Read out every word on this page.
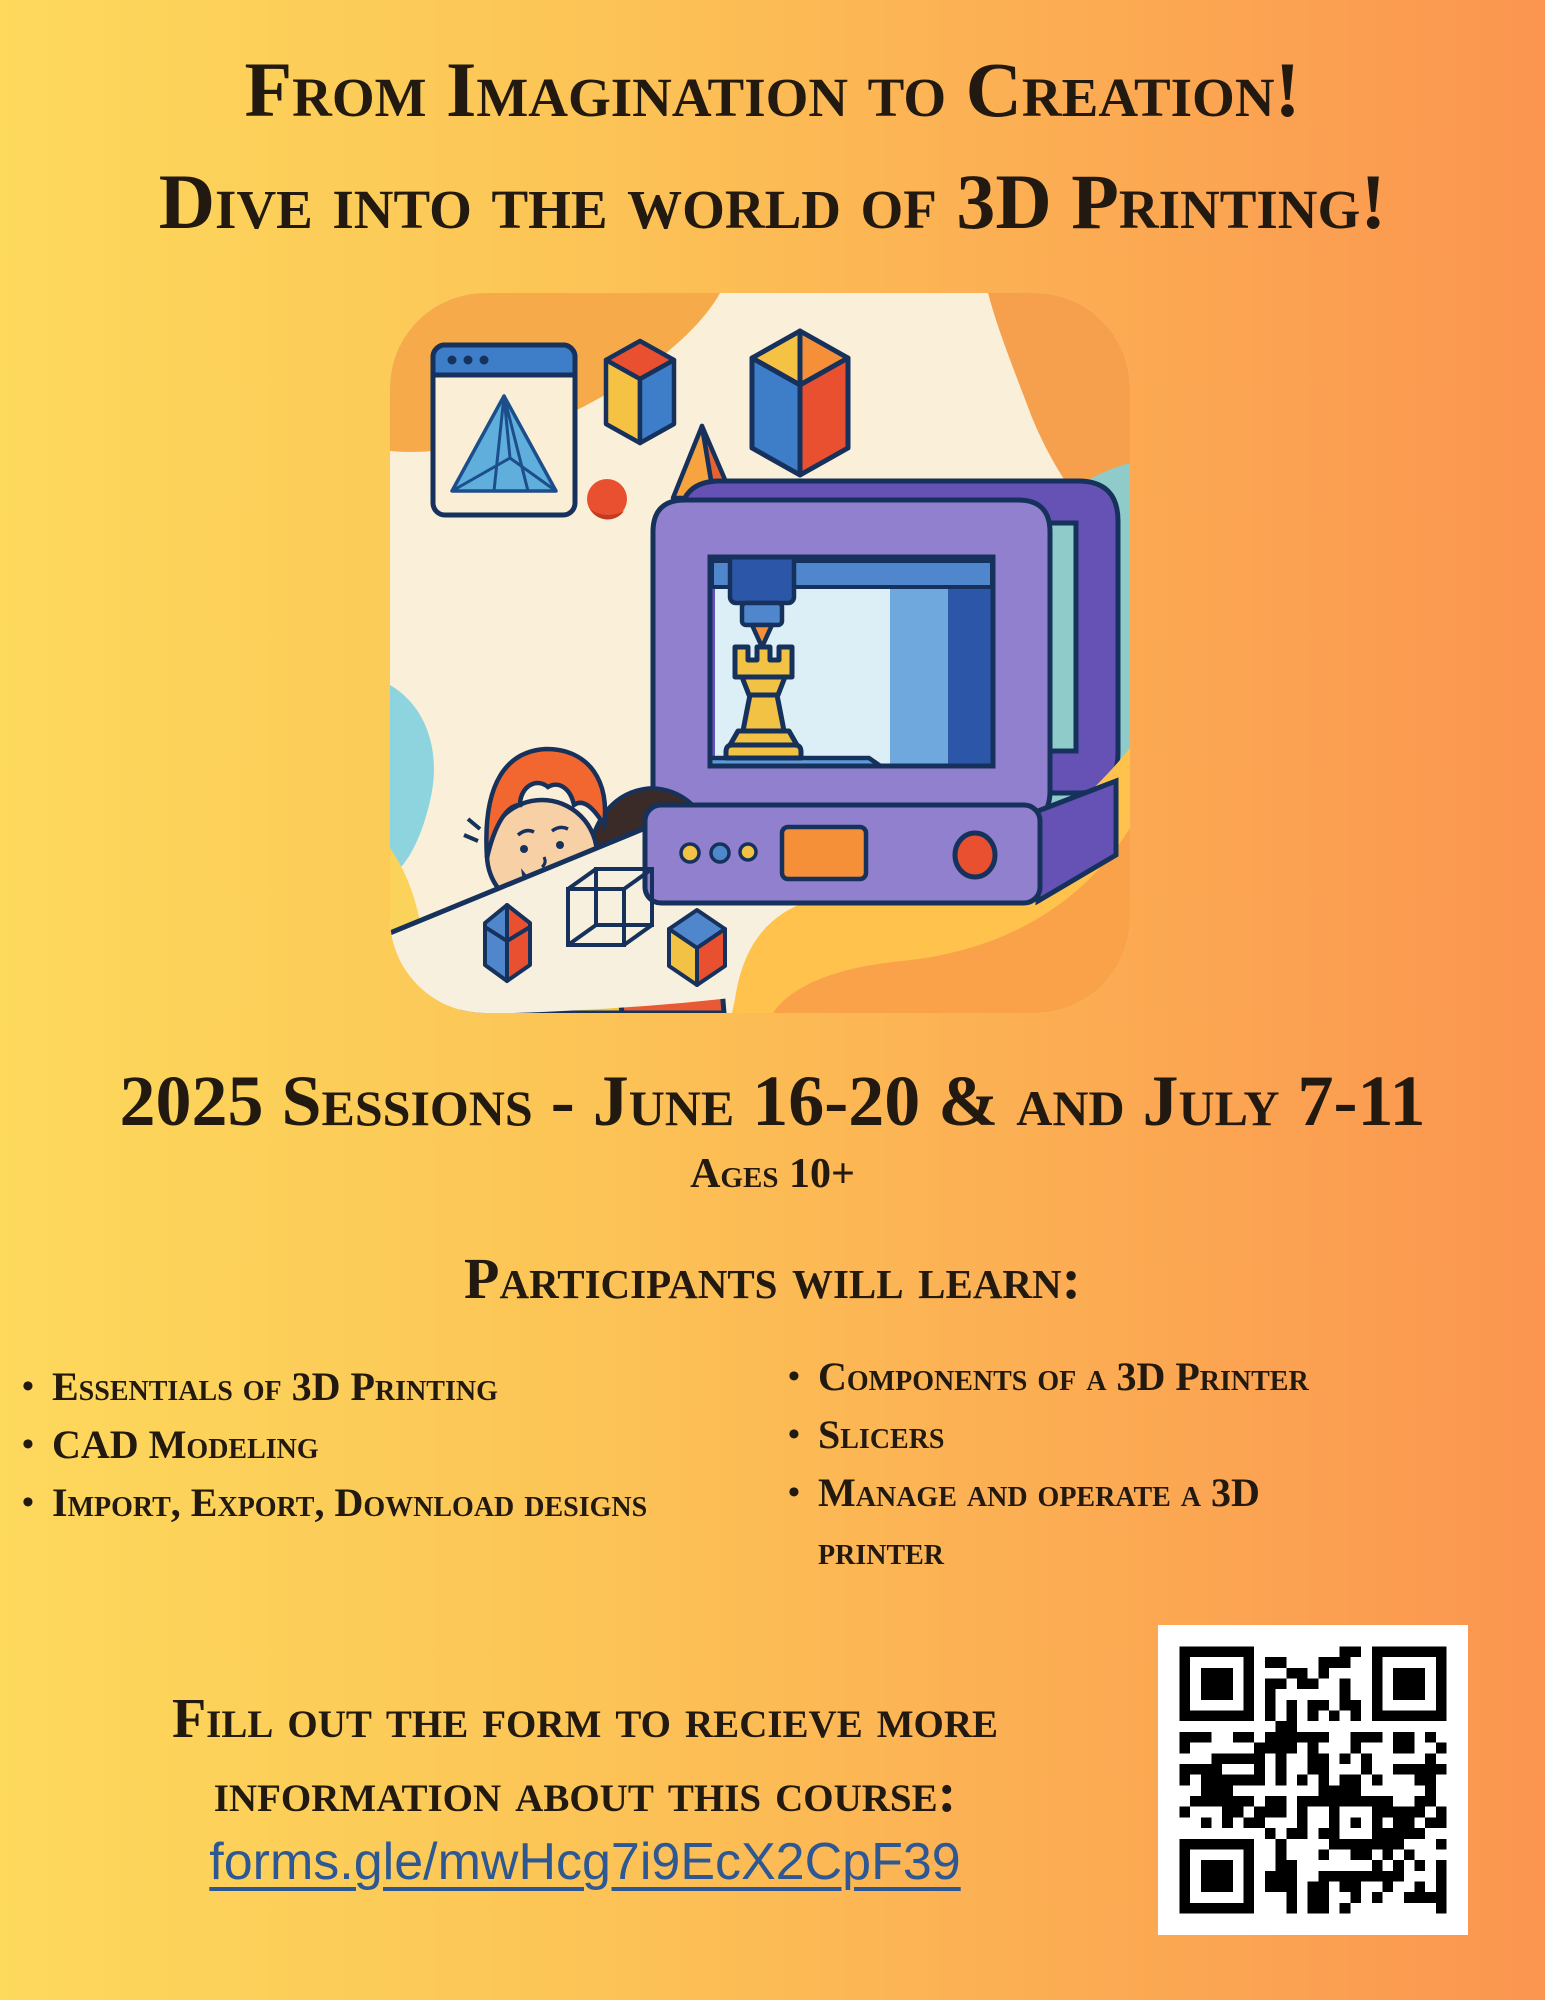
From Imagination to Creation!
Dive into the world of 3D Printing!
2025 Sessions - June 16-20 & and July 7-11
Ages 10+
Participants will learn:
• Essentials of 3D Printing
• CAD Modeling
• Import, Export, Download designs
• Components of a 3D Printer
• Slicers
• Manage and operate a 3D printer
Fill out the form to recieve more
information about this course:
forms.gle/mwHcg7i9EcX2CpF39
